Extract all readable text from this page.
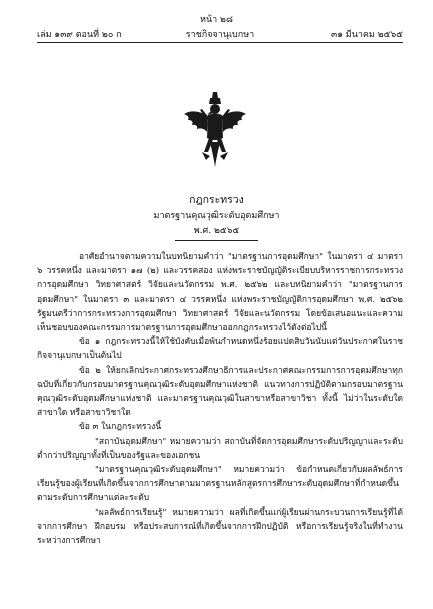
หน้า ๒๘
เล่ม ๑๓๙ ตอนที่ ๒๐ ก	ราชกิจจานุเบกษา	๓๑ มีนาคม ๒๕๖๕
กฎกระทรวง
มาตรฐานคุณวุฒิระดับอุดมศึกษา
พ.ศ. ๒๕๖๕

อาศัยอำนาจตามความในบทนิยามคำว่า "มาตรฐานการอุดมศึกษา" ในมาตรา ๔ มาตรา ๖ วรรคหนึ่ง และมาตรา ๑๗ (๒) และวรรคสอง แห่งพระราชบัญญัติระเบียบบริหารราชการกระทรวงการอุดมศึกษา วิทยาศาสตร์ วิจัยและนวัตกรรม พ.ศ. ๒๕๖๒ และบทนิยามคำว่า "มาตรฐานการอุดมศึกษา" ในมาตรา ๓ และมาตรา ๔ วรรคหนึ่ง แห่งพระราชบัญญัติการอุดมศึกษา พ.ศ. ๒๕๖๒ รัฐมนตรีว่าการกระทรวงการอุดมศึกษา วิทยาศาสตร์ วิจัยและนวัตกรรม โดยข้อเสนอแนะและความเห็นชอบของคณะกรรมการมาตรฐานการอุดมศึกษาออกกฎกระทรวงไว้ดังต่อไปนี้

ข้อ ๑ กฎกระทรวงนี้ให้ใช้บังคับเมื่อพ้นกำหนดหนึ่งร้อยแปดสิบวันนับแต่วันประกาศในราชกิจจานุเบกษาเป็นต้นไป

ข้อ ๒ ให้ยกเลิกประกาศกระทรวงศึกษาธิการและประกาศคณะกรรมการการอุดมศึกษาทุกฉบับที่เกี่ยวกับกรอบมาตรฐานคุณวุฒิระดับอุดมศึกษาแห่งชาติ แนวทางการปฏิบัติตามกรอบมาตรฐานคุณวุฒิระดับอุดมศึกษาแห่งชาติ และมาตรฐานคุณวุฒิในสาขาหรือสาขาวิชา ทั้งนี้ ไม่ว่าในระดับใด สาขาใด หรือสาขาวิชาใด

ข้อ ๓ ในกฎกระทรวงนี้

"สถาบันอุดมศึกษา" หมายความว่า สถาบันที่จัดการอุดมศึกษาระดับปริญญาและระดับต่ำกว่าปริญญาทั้งที่เป็นของรัฐและของเอกชน

"มาตรฐานคุณวุฒิระดับอุดมศึกษา" หมายความว่า ข้อกำหนดเกี่ยวกับผลลัพธ์การเรียนรู้ของผู้เรียนที่เกิดขึ้นจากการศึกษาตามมาตรฐานหลักสูตรการศึกษาระดับอุดมศึกษาที่กำหนดขึ้นตามระดับการศึกษาแต่ละระดับ

"ผลลัพธ์การเรียนรู้" หมายความว่า ผลที่เกิดขึ้นแก่ผู้เรียนผ่านกระบวนการเรียนรู้ที่ได้จากการศึกษา ฝึกอบรม หรือประสบการณ์ที่เกิดขึ้นจากการฝึกปฏิบัติ หรือการเรียนรู้จริงในที่ทำงานระหว่างการศึกษา
